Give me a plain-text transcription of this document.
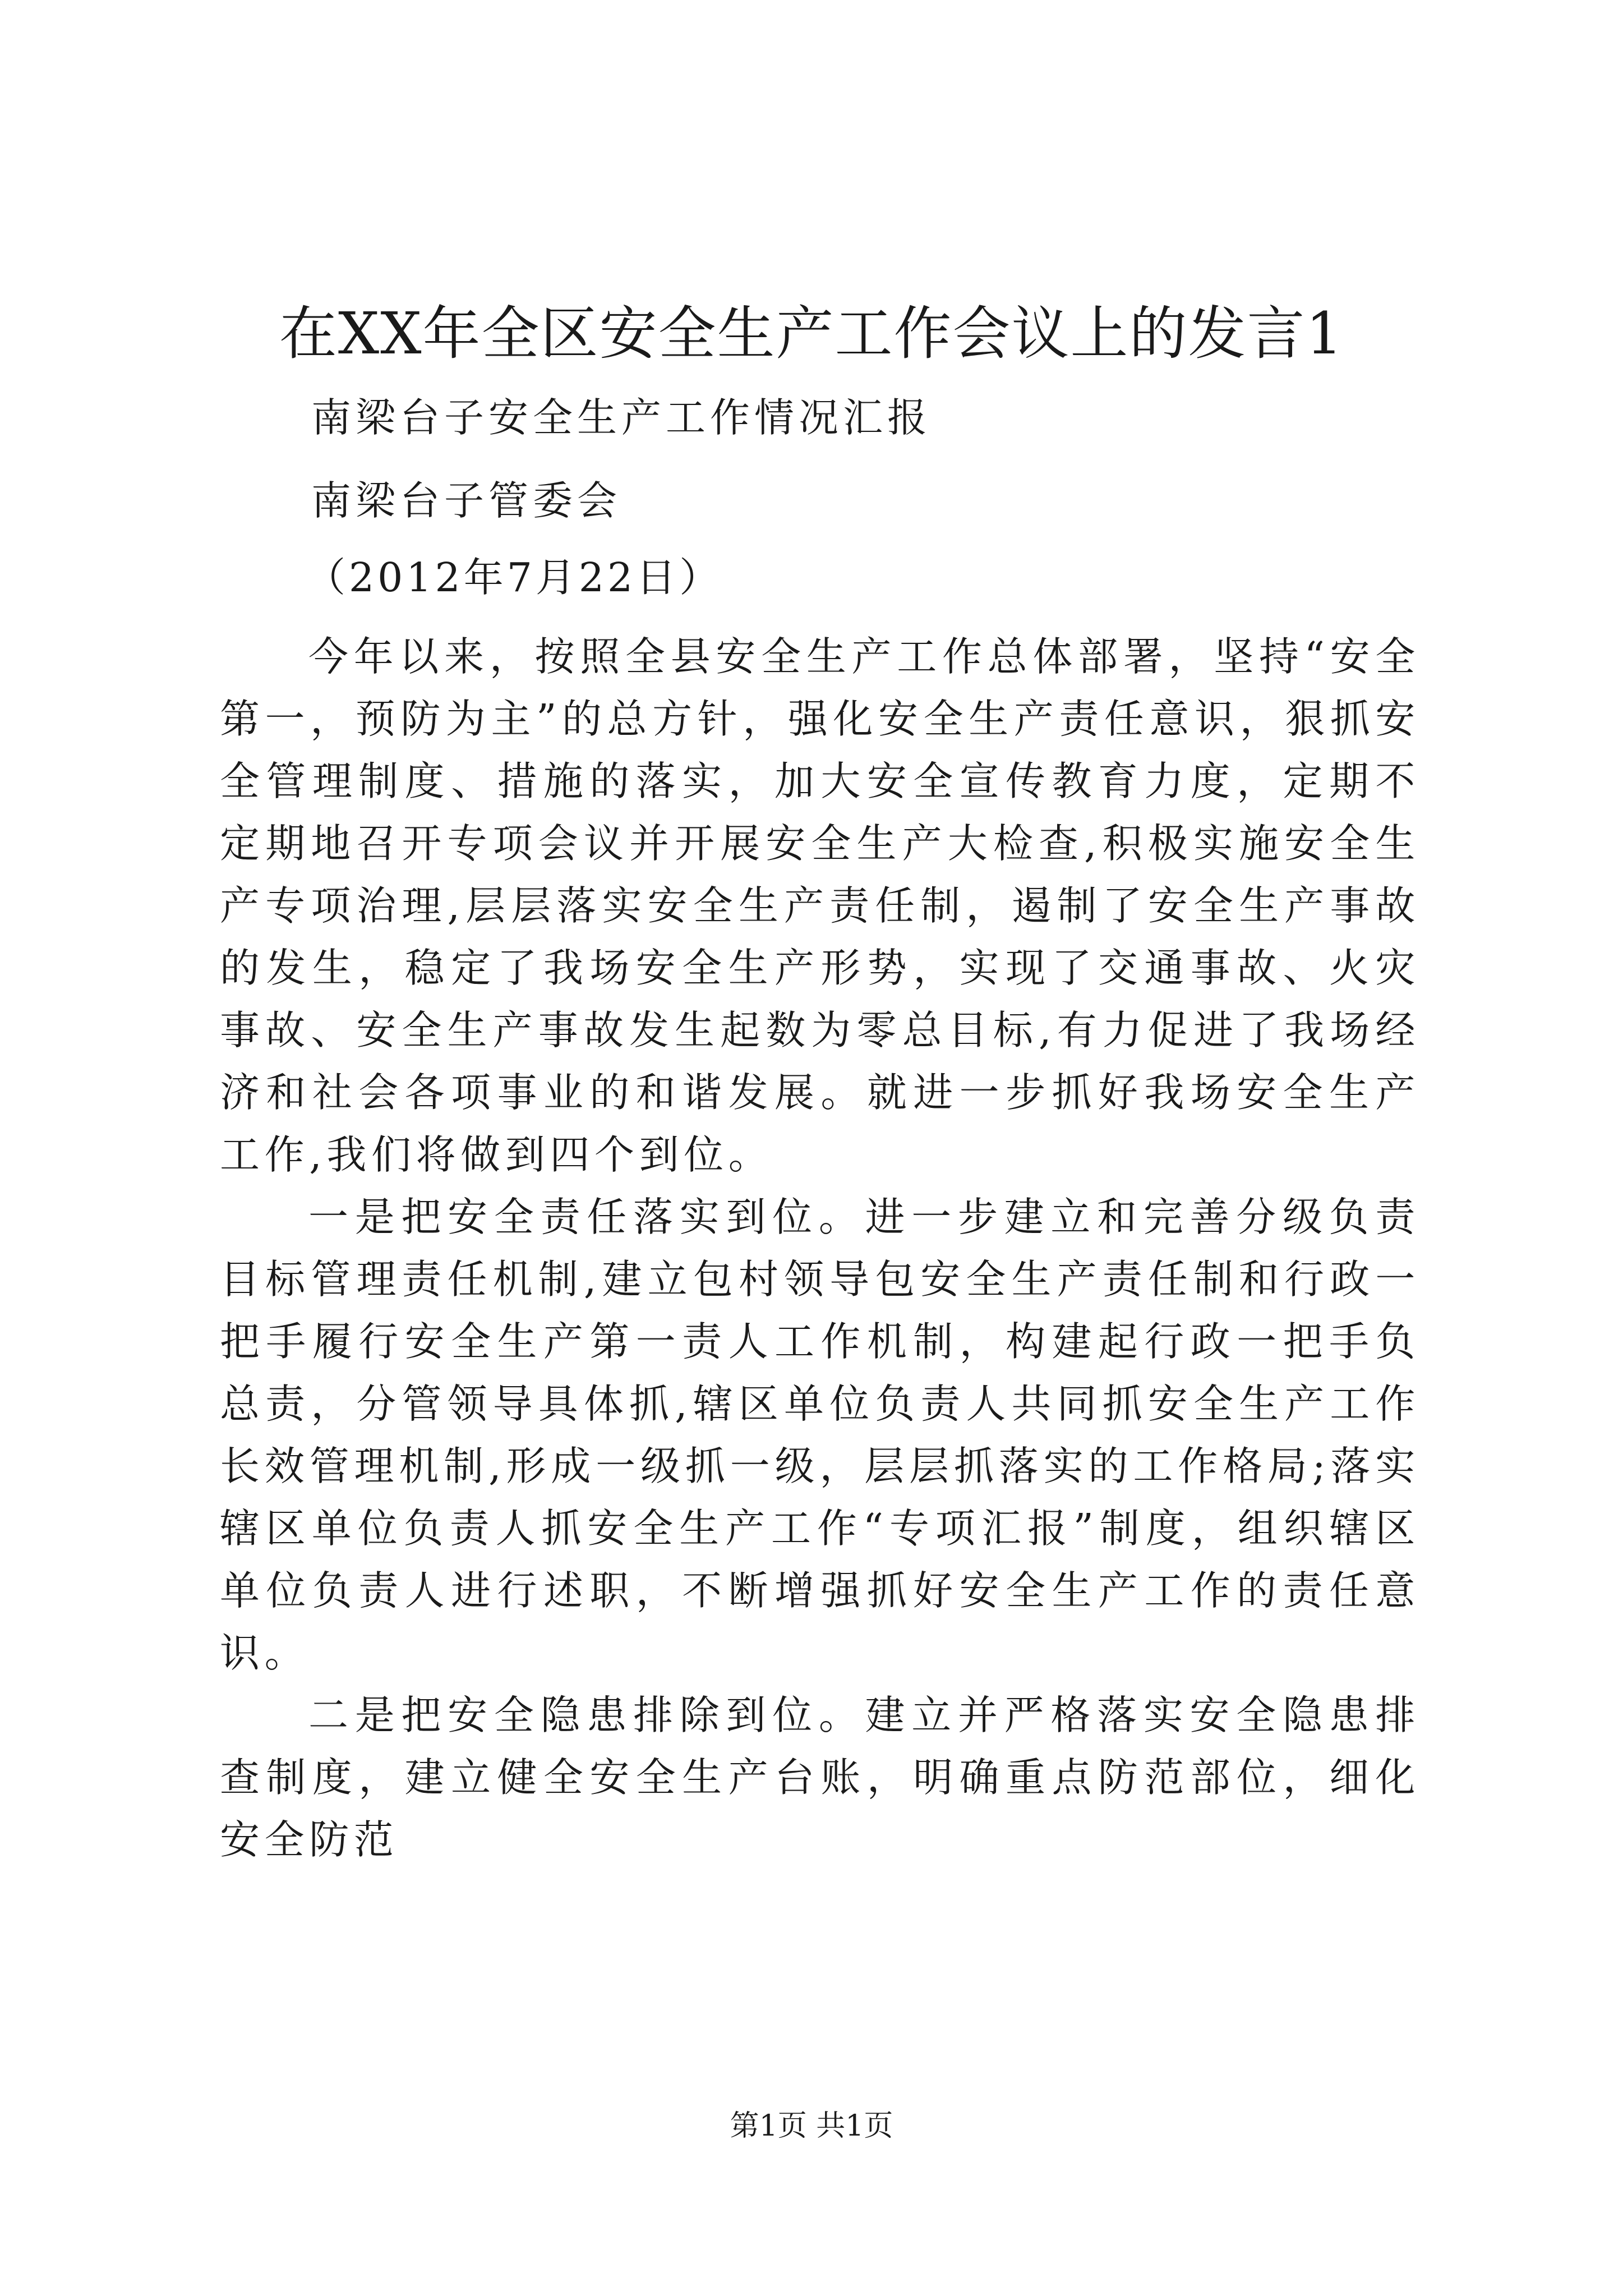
在XX年全区安全生产工作会议上的发言1
南梁台子安全生产工作情况汇报
南梁台子管委会
（2012年7月22日）

今年以来，按照全县安全生产工作总体部署，坚持“安全第一，预防为主”的总方针，强化安全生产责任意识，狠抓安全管理制度、措施的落实，加大安全宣传教育力度，定期不定期地召开专项会议并开展安全生产大检查,积极实施安全生产专项治理,层层落实安全生产责任制，遏制了安全生产事故的发生，稳定了我场安全生产形势，实现了交通事故、火灾事故、安全生产事故发生起数为零总目标,有力促进了我场经济和社会各项事业的和谐发展。就进一步抓好我场安全生产工作,我们将做到四个到位。

一是把安全责任落实到位。进一步建立和完善分级负责目标管理责任机制,建立包村领导包安全生产责任制和行政一把手履行安全生产第一责人工作机制，构建起行政一把手负总责，分管领导具体抓,辖区单位负责人共同抓安全生产工作长效管理机制,形成一级抓一级，层层抓落实的工作格局;落实辖区单位负责人抓安全生产工作“专项汇报”制度，组织辖区单位负责人进行述职，不断增强抓好安全生产工作的责任意识。

二是把安全隐患排除到位。建立并严格落实安全隐患排查制度，建立健全安全生产台账，明确重点防范部位，细化安全防范

第1页 共1页
